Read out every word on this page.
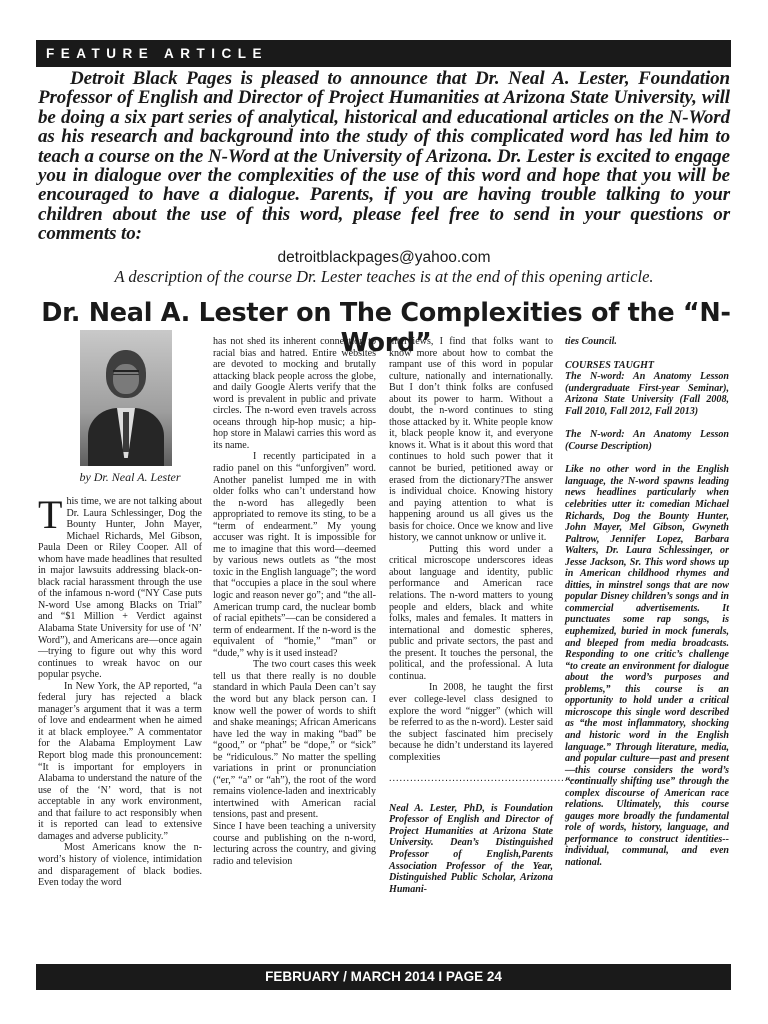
FEATURE ARTICLE
Detroit Black Pages is pleased to announce that Dr. Neal A. Lester, Foundation Professor of English and Director of Project Humanities at Arizona State University, will be doing a six part series of analytical, historical and educational articles on the N-Word as his research and background into the study of this complicated word has led him to teach a course on the N-Word at the University of Arizona. Dr. Lester is excited to engage you in dialogue over the complexities of the use of this word and hope that you will be encouraged to have a dialogue. Parents, if you are having trouble talking to your children about the use of this word, please feel free to send in your questions or comments to:
detroitblackpages@yahoo.com
A description of the course Dr. Lester teaches is at the end of this opening article.
Dr. Neal A. Lester on The Complexities of the “N-Word”
by Dr. Neal A. Lester

This time, we are not talking about Dr. Laura Schlessinger, Dog the Bounty Hunter, John Mayer, Michael Richards, Mel Gibson, Paula Deen or Riley Cooper. All of whom have made headlines that resulted in major lawsuits addressing black-on-black racial harassment through the use of the infamous n-word (“NY Case puts N-word Use among Blacks on Trial” and “$1 Million + Verdict against Alabama State University for use of ‘N’ Word”), and Americans are—once again—trying to figure out why this word continues to wreak havoc on our popular psyche.

In New York, the AP reported, “a federal jury has rejected a black manager’s argument that it was a term of love and endearment when he aimed it at black employee.” A commentator for the Alabama Employment Law Report blog made this pronouncement: “It is important for employers in Alabama to understand the nature of the use of the ‘N’ word, that is not acceptable in any work environment, and that failure to act responsibly when it is reported can lead to extensive damages and adverse publicity.”

Most Americans know the n-word’s history of violence, intimidation and disparagement of black bodies. Even today the word

has not shed its inherent connection to racial bias and hatred. Entire websites are devoted to mocking and brutally attacking black people across the globe, and daily Google Alerts verify that the word is prevalent in public and private circles. The n-word even travels across oceans through hip-hop music; a hip-hop store in Malawi carries this word as its name.

I recently participated in a radio panel on this “unforgiven” word. Another panelist lumped me in with older folks who can’t understand how the n-word has allegedly been appropriated to remove its sting, to be a “term of endearment.” My young accuser was right. It is impossible for me to imagine that this word—deemed by various news outlets as “the most toxic in the English language”; the word that “occupies a place in the soul where logic and reason never go”; and “the all-American trump card, the nuclear bomb of racial epithets”—can be considered a term of endearment. If the n-word is the equivalent of “homie,” “man” or “dude,” why is it used instead?

The two court cases this week tell us that there really is no double standard in which Paula Deen can’t say the word but any black person can. I know well the power of words to shift and shake meanings; African Americans have led the way in making “bad” be “good,” or “phat” be “dope,” or “sick” be “ridiculous.” No matter the spelling variations in print or pronunciation (“er,” “a” or “ah”), the root of the word remains violence-laden and inextricably intertwined with American racial tensions, past and present.

Since I have been teaching a university course and publishing on the n-word, lecturing across the country, and giving radio and television

interviews, I find that folks want to know more about how to combat the rampant use of this word in popular culture, nationally and internationally. But I don’t think folks are confused about its power to harm. Without a doubt, the n-word continues to sting those attacked by it. White people know it, black people know it, and everyone knows it. What is it about this word that continues to hold such power that it cannot be buried, petitioned away or erased from the dictionary?The answer is individual choice. Knowing history and paying attention to what is happening around us all gives us the basis for choice. Once we know and live history, we cannot unknow or unlive it.

Putting this word under a critical microscope underscores ideas about language and identity, public performance and American race relations. The n-word matters to young people and elders, black and white folks, males and females. It matters in international and domestic spheres, public and private sectors, the past and the present. It touches the personal, the political, and the professional. A luta continua.

In 2008, he taught the first ever college-level class designed to explore the word “nigger” (which will be referred to as the n-word). Lester said the subject fascinated him precisely because he didn’t understand its layered complexities

........................................................

Neal A. Lester, PhD, is Foundation Professor of English and Director of Project Humanities at Arizona State University. Dean’s Distinguished Professor of English,Parents Association Professor of the Year, Distinguished Public Scholar, Arizona Humani-

ties Council.

COURSES TAUGHT

The N-word: An Anatomy Lesson (undergraduate First-year Seminar), Arizona State University (Fall 2008, Fall 2010, Fall 2012, Fall 2013)

The N-word: An Anatomy Lesson (Course Description)

Like no other word in the English language, the N-word spawns leading news headlines particularly when celebrities utter it: comedian Michael Richards, Dog the Bounty Hunter, John Mayer, Mel Gibson, Gwyneth Paltrow, Jennifer Lopez, Barbara Walters, Dr. Laura Schlessinger, or Jesse Jackson, Sr. This word shows up in American childhood rhymes and ditties, in minstrel songs that are now popular Disney children’s songs and in commercial advertisements. It punctuates some rap songs, is euphemized, buried in mock funerals, and bleeped from media broadcasts. Responding to one critic’s challenge “to create an environment for dialogue about the word’s purposes and problems,” this course is an opportunity to hold under a critical microscope this single word described as “the most inflammatory, shocking and historic word in the English language.” Through literature, media, and popular culture—past and present—this course considers the word’s “continually shifting use” through the complex discourse of American race relations. Ultimately, this course gauges more broadly the fundamental role of words, history, language, and performance to construct identities--individual, communal, and even national.

FEBRUARY / MARCH 2014 I PAGE 24
